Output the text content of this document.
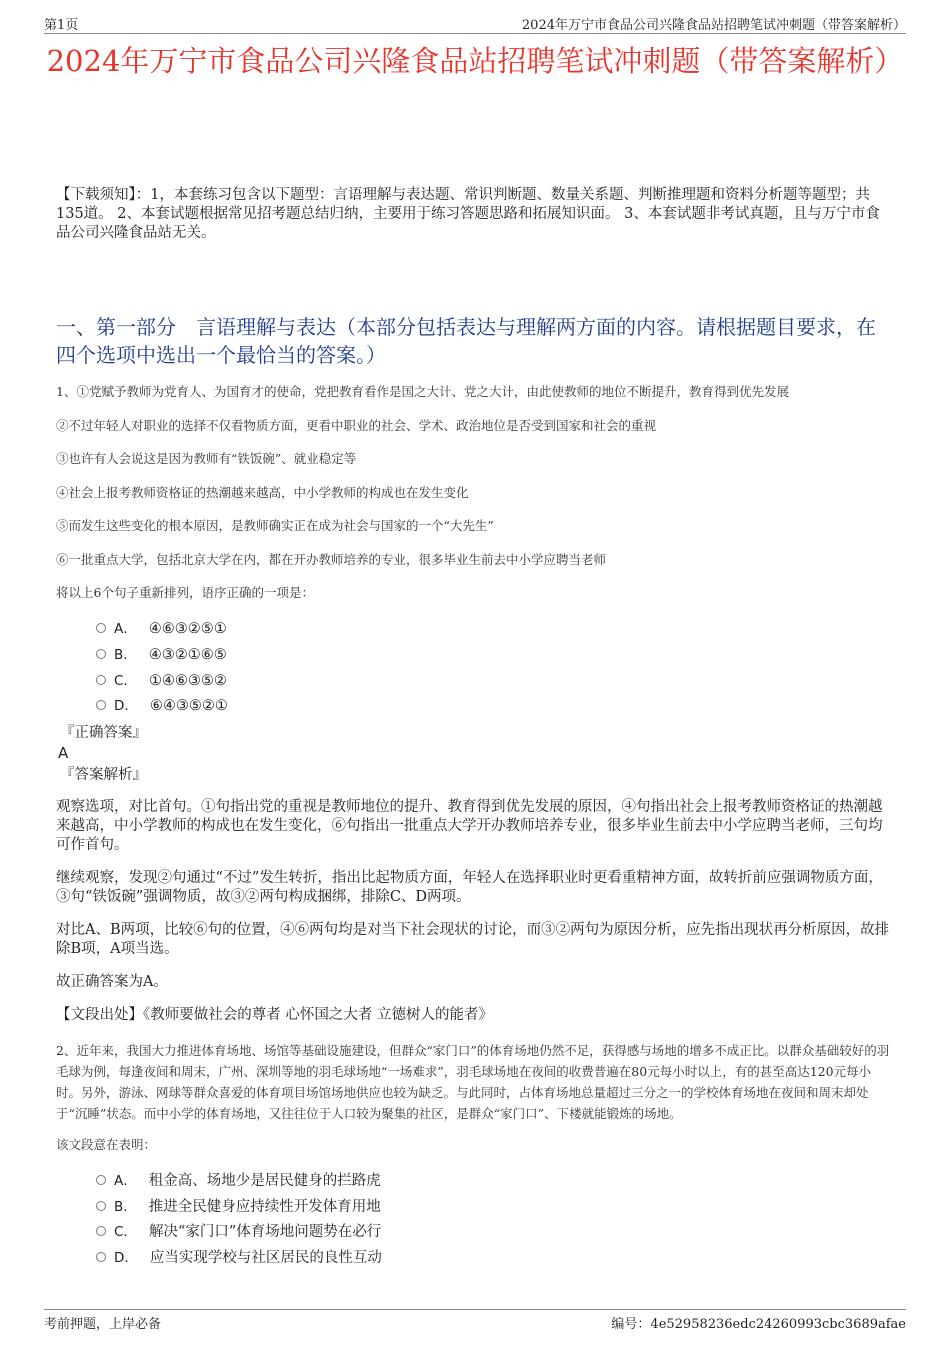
第1页	2024年万宁市食品公司兴隆食品站招聘笔试冲刺题（带答案解析）
2024年万宁市食品公司兴隆食品站招聘笔试冲刺题（带答案解析）
【下载须知】：1，本套练习包含以下题型：言语理解与表达题、常识判断题、数量关系题、判断推理题和资料分析题等题型；共135道。 2、本套试题根据常见招考题总结归纳，主要用于练习答题思路和拓展知识面。 3、本套试题非考试真题，且与万宁市食品公司兴隆食品站无关。
一、第一部分　言语理解与表达（本部分包括表达与理解两方面的内容。请根据题目要求，在四个选项中选出一个最恰当的答案。）
1、①党赋予教师为党育人、为国育才的使命，党把教育看作是国之大计、党之大计，由此使教师的地位不断提升，教育得到优先发展
②不过年轻人对职业的选择不仅看物质方面，更看中职业的社会、学术、政治地位是否受到国家和社会的重视
③也许有人会说这是因为教师有“铁饭碗”、就业稳定等
④社会上报考教师资格证的热潮越来越高，中小学教师的构成也在发生变化
⑤而发生这些变化的根本原因，是教师确实正在成为社会与国家的一个“大先生”
⑥一批重点大学，包括北京大学在内，都在开办教师培养的专业，很多毕业生前去中小学应聘当老师
将以上6个句子重新排列，语序正确的一项是：
A． ④⑥③②⑤①
B． ④③②①⑥⑤
C． ①④⑥③⑤②
D． ⑥④③⑤②①
『正确答案』
A
『答案解析』
观察选项，对比首句。①句指出党的重视是教师地位的提升、教育得到优先发展的原因，④句指出社会上报考教师资格证的热潮越来越高，中小学教师的构成也在发生变化，⑥句指出一批重点大学开办教师培养专业，很多毕业生前去中小学应聘当老师，三句均可作首句。
继续观察，发现②句通过“不过”发生转折，指出比起物质方面，年轻人在选择职业时更看重精神方面，故转折前应强调物质方面，③句“铁饭碗”强调物质，故③②两句构成捆绑，排除C、D两项。
对比A、B两项，比较⑥句的位置，④⑥两句均是对当下社会现状的讨论，而③②两句为原因分析，应先指出现状再分析原因，故排除B项，A项当选。
故正确答案为A。
【文段出处】《教师要做社会的尊者 心怀国之大者 立德树人的能者》
2、近年来，我国大力推进体育场地、场馆等基础设施建设，但群众“家门口”的体育场地仍然不足，获得感与场地的增多不成正比。以群众基础较好的羽毛球为例，每逢夜间和周末，广州、深圳等地的羽毛球场地“一场难求”，羽毛球场地在夜间的收费普遍在80元每小时以上，有的甚至高达120元每小时。另外，游泳、网球等群众喜爱的体育项目场馆场地供应也较为缺乏。与此同时，占体育场地总量超过三分之一的学校体育场地在夜间和周末却处于“沉睡”状态。而中小学的体育场地，又往往位于人口较为聚集的社区，是群众“家门口”、下楼就能锻炼的场地。
该文段意在表明：
A． 租金高、场地少是居民健身的拦路虎
B． 推进全民健身应持续性开发体育用地
C． 解决“家门口”体育场地问题势在必行
D． 应当实现学校与社区居民的良性互动
考前押题，上岸必备	编号：4e52958236edc24260993cbc3689afae
